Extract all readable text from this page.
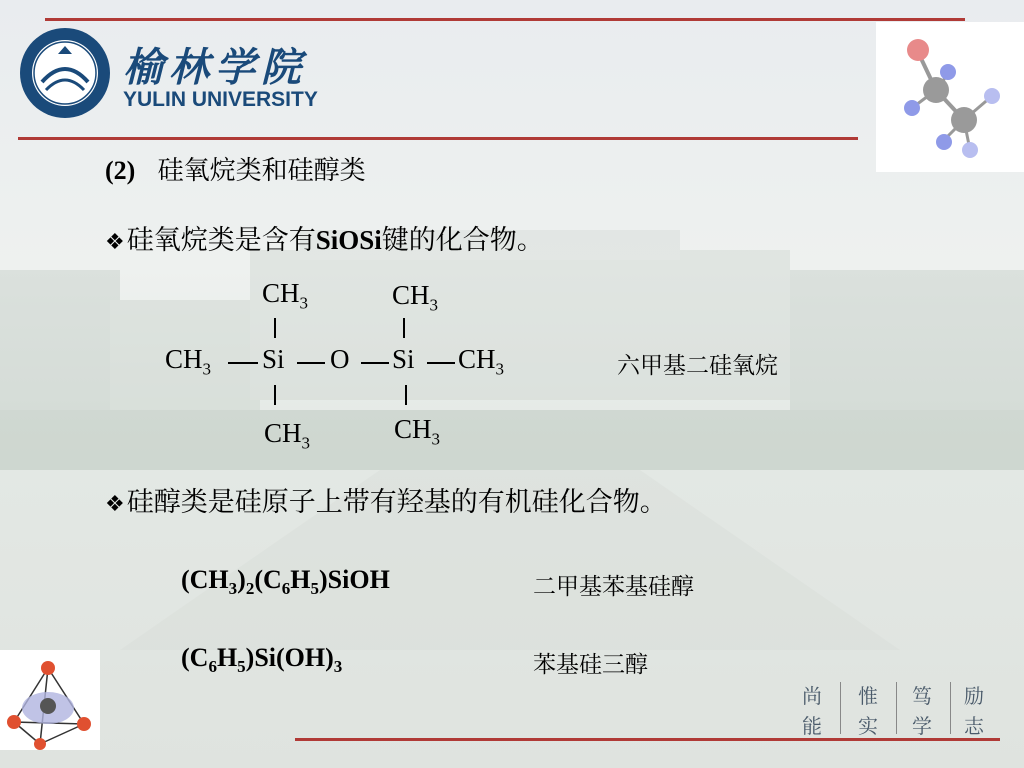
榆林学院
YULIN UNIVERSITY
尚
能
惟
实
笃
学
励
志
(2) 硅氧烷类和硅醇类
❖硅氧烷类是含有SiOSi键的化合物。
$CH_3$	$CH_3$
$CH_3$ Si O Si $CH_3$
$CH_3$	$CH_3$
六甲基二硅氧烷
❖硅醇类是硅原子上带有羟基的有机硅化合物。
$(CH_3)_2(C_6H_5)SiOH$	二甲基苯基硅醇
$(C_6H_5)Si(OH)_3$	苯基硅三醇
